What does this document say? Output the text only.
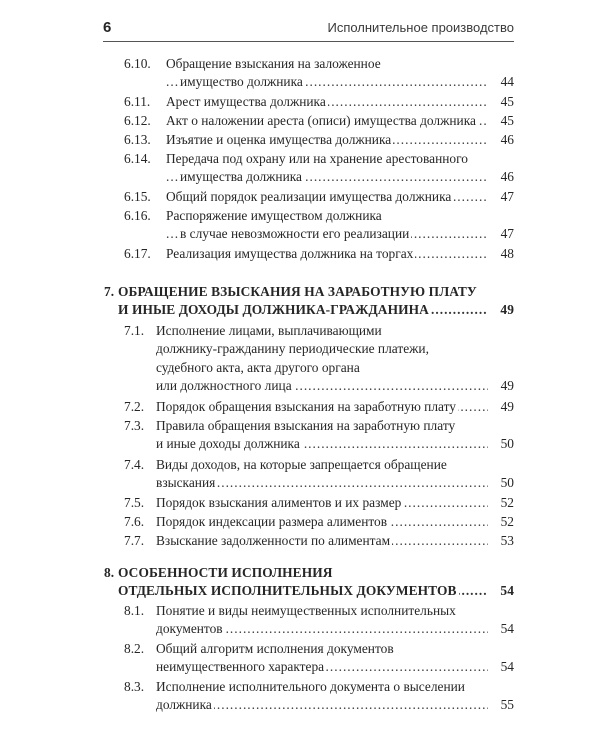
6	Исполнительное производство
6.10. Обращение взыскания на заложенное
имущество должника	44
.....
6.11. Арест имущества должника	45
.....
6.12. Акт о наложении ареста (описи) имущества должника 45
.....
6.13. Изъятие и оценка имущества должника	46
.....
6.14. Передача под охрану или на хранение арестованного
имущества должника	46
.....
6.15. Общий порядок реализации имущества должника	47
.....
6.16. Распоряжение имуществом должника
в случае невозможности его реализации	47
.....
6.17. Реализация имущества должника на торгах	48
.....
7. ОБРАЩЕНИЕ ВЗЫСКАНИЯ НА ЗАРАБОТНУЮ ПЛАТУ
И ИНЫЕ ДОХОДЫ ДОЛЖНИКА-ГРАЖДАНИНА	49
.....
7.1. Исполнение лицами, выплачивающими
должнику-гражданину периодические платежи,
судебного акта, акта другого органа
или должностного лица	49
.....
7.2. Порядок обращения взыскания на заработную плату	49
.....
7.3. Правила обращения взыскания на заработную плату
и иные доходы должника	50
.....
7.4. Виды доходов, на которые запрещается обращение
взыскания	50
.....
7.5. Порядок взыскания алиментов и их размер	52
.....
7.6. Порядок индексации размера алиментов	52
.....
7.7. Взыскание задолженности по алиментам	53
.....
8. ОСОБЕННОСТИ ИСПОЛНЕНИЯ
ОТДЕЛЬНЫХ ИСПОЛНИТЕЛЬНЫХ ДОКУМЕНТОВ	54
.....
8.1. Понятие и виды неимущественных исполнительных
документов	54
.....
8.2. Общий алгоритм исполнения документов
неимущественного характера	54
.....
8.3. Исполнение исполнительного документа о выселении
должника	55
.....
